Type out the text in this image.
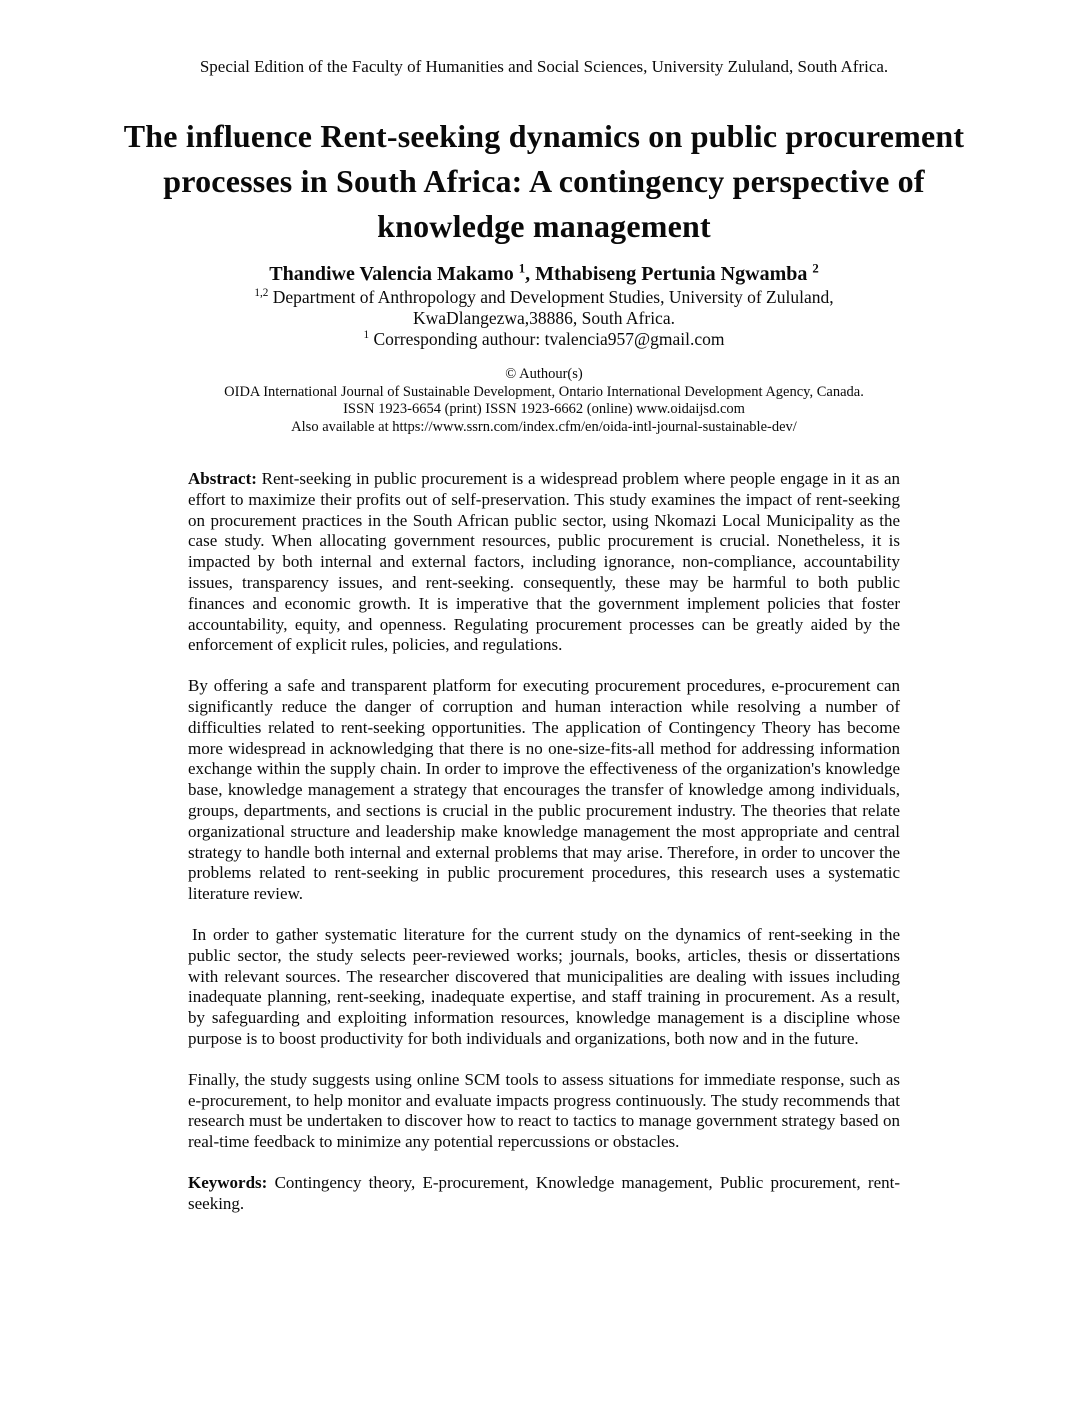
Special Edition of the Faculty of Humanities and Social Sciences, University Zululand, South Africa.
The influence Rent-seeking dynamics on public procurement
processes in South Africa: A contingency perspective of
knowledge management
Thandiwe Valencia Makamo $^1$, Mthabiseng Pertunia Ngwamba $^2$
$^{1,2}$ Department of Anthropology and Development Studies, University of Zululand,
KwaDlangezwa,38886, South Africa.
$^1$ Corresponding authour: tvalencia957@gmail.com
© Authour(s)
OIDA International Journal of Sustainable Development, Ontario International Development Agency, Canada.
ISSN 1923-6654 (print) ISSN 1923-6662 (online) www.oidaijsd.com
Also available at https://www.ssrn.com/index.cfm/en/oida-intl-journal-sustainable-dev/

Abstract: Rent-seeking in public procurement is a widespread problem where people engage in it as an effort to maximize their profits out of self-preservation. This study examines the impact of rent-seeking on procurement practices in the South African public sector, using Nkomazi Local Municipality as the case study. When allocating government resources, public procurement is crucial. Nonetheless, it is impacted by both internal and external factors, including ignorance, non-compliance, accountability issues, transparency issues, and rent-seeking. consequently, these may be harmful to both public finances and economic growth. It is imperative that the government implement policies that foster accountability, equity, and openness. Regulating procurement processes can be greatly aided by the enforcement of explicit rules, policies, and regulations.

By offering a safe and transparent platform for executing procurement procedures, e-procurement can significantly reduce the danger of corruption and human interaction while resolving a number of difficulties related to rent-seeking opportunities. The application of Contingency Theory has become more widespread in acknowledging that there is no one-size-fits-all method for addressing information exchange within the supply chain. In order to improve the effectiveness of the organization's knowledge base, knowledge management a strategy that encourages the transfer of knowledge among individuals, groups, departments, and sections is crucial in the public procurement industry. The theories that relate organizational structure and leadership make knowledge management the most appropriate and central strategy to handle both internal and external problems that may arise. Therefore, in order to uncover the problems related to rent-seeking in public procurement procedures, this research uses a systematic literature review.

In order to gather systematic literature for the current study on the dynamics of rent-seeking in the public sector, the study selects peer-reviewed works; journals, books, articles, thesis or dissertations with relevant sources. The researcher discovered that municipalities are dealing with issues including inadequate planning, rent-seeking, inadequate expertise, and staff training in procurement. As a result, by safeguarding and exploiting information resources, knowledge management is a discipline whose purpose is to boost productivity for both individuals and organizations, both now and in the future.

Finally, the study suggests using online SCM tools to assess situations for immediate response, such as e-procurement, to help monitor and evaluate impacts progress continuously. The study recommends that research must be undertaken to discover how to react to tactics to manage government strategy based on real-time feedback to minimize any potential repercussions or obstacles.

Keywords: Contingency theory, E-procurement, Knowledge management, Public procurement, rent-seeking.
